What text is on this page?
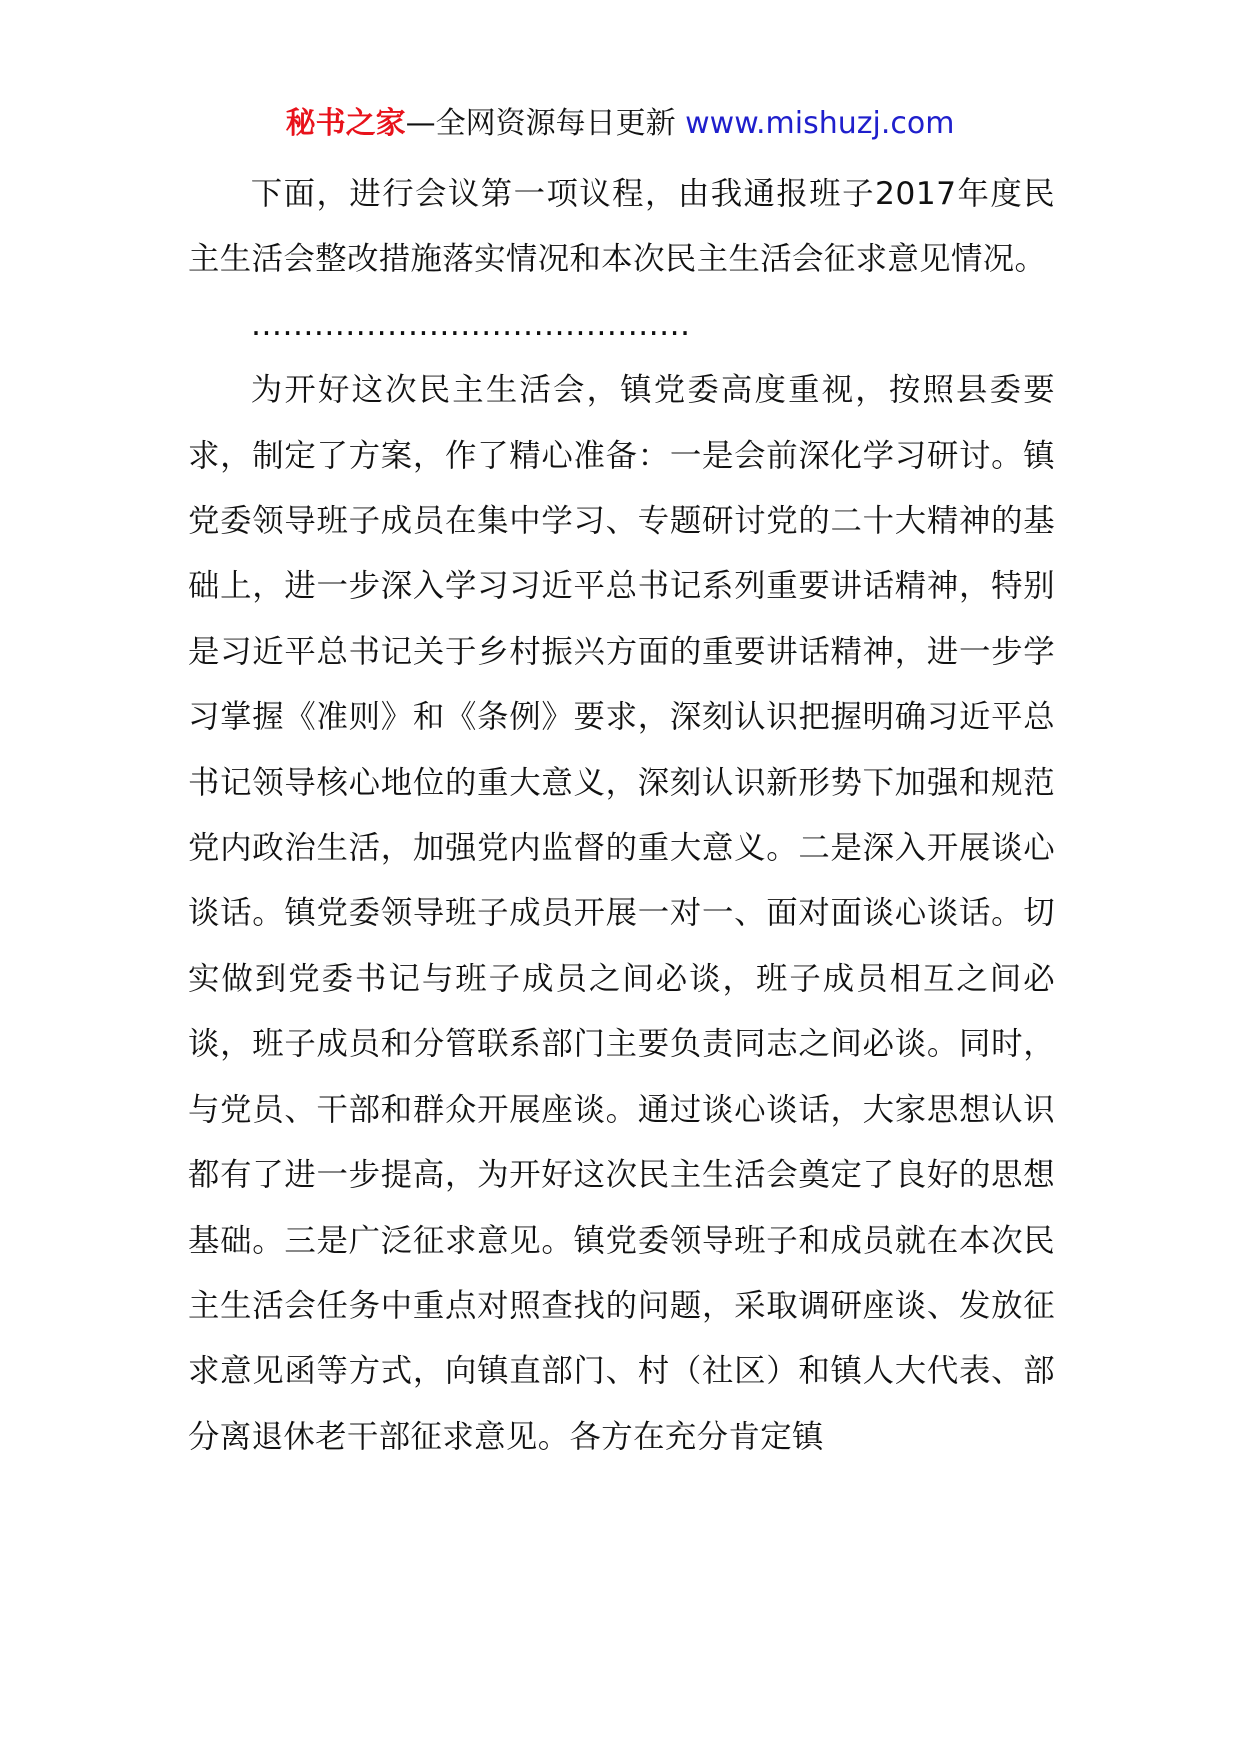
秘书之家—全网资源每日更新 www.mishuzj.com

下面，进行会议第一项议程，由我通报班子2017年度民主生活会整改措施落实情况和本次民主生活会征求意见情况。

……………………………………

为开好这次民主生活会，镇党委高度重视，按照县委要求，制定了方案，作了精心准备：一是会前深化学习研讨。镇党委领导班子成员在集中学习、专题研讨党的二十大精神的基础上，进一步深入学习习近平总书记系列重要讲话精神，特别是习近平总书记关于乡村振兴方面的重要讲话精神，进一步学习掌握《准则》和《条例》要求，深刻认识把握明确习近平总书记领导核心地位的重大意义，深刻认识新形势下加强和规范党内政治生活，加强党内监督的重大意义。二是深入开展谈心谈话。镇党委领导班子成员开展一对一、面对面谈心谈话。切实做到党委书记与班子成员之间必谈，班子成员相互之间必谈，班子成员和分管联系部门主要负责同志之间必谈。同时，与党员、干部和群众开展座谈。通过谈心谈话，大家思想认识都有了进一步提高，为开好这次民主生活会奠定了良好的思想基础。三是广泛征求意见。镇党委领导班子和成员就在本次民主生活会任务中重点对照查找的问题，采取调研座谈、发放征求意见函等方式，向镇直部门、村（社区）和镇人大代表、部分离退休老干部征求意见。各方在充分肯定镇
